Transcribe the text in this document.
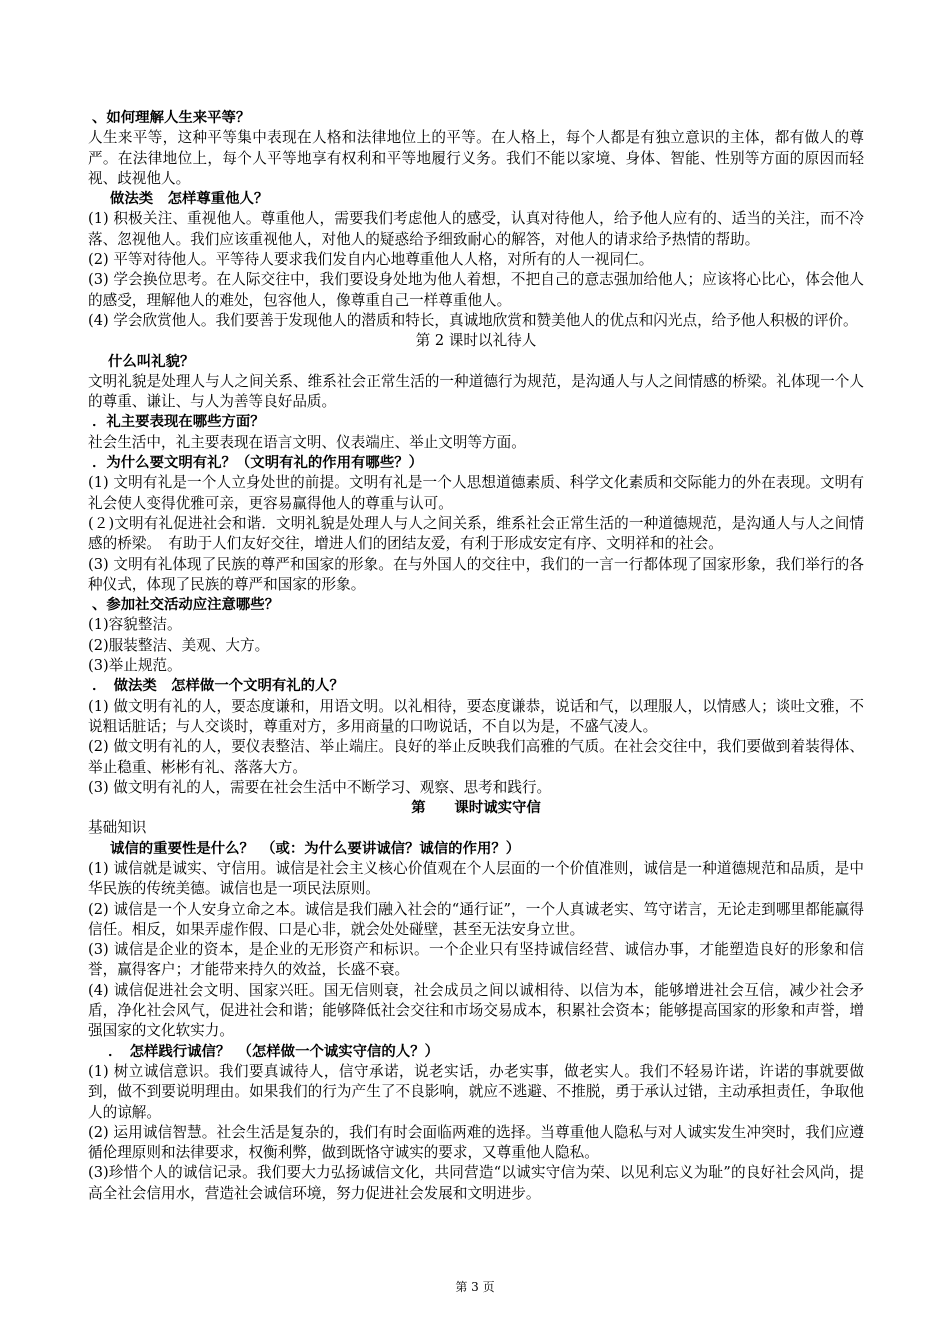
、如何理解人生来平等？

人生来平等，这种平等集中表现在人格和法律地位上的平等。在人格上，每个人都是有独立意识的主体，都有做人的尊严。在法律地位上，每个人平等地享有权利和平等地履行义务。我们不能以家境、身体、智能、性别等方面的原因而轻视、歧视他人。

做法类　怎样尊重他人？

(1) 积极关注、重视他人。尊重他人，需要我们考虑他人的感受，认真对待他人，给予他人应有的、适当的关注，而不冷落、忽视他人。我们应该重视他人，对他人的疑惑给予细致耐心的解答，对他人的请求给予热情的帮助。

(2) 平等对待他人。平等待人要求我们发自内心地尊重他人人格，对所有的人一视同仁。

(3) 学会换位思考。在人际交往中，我们要设身处地为他人着想，不把自己的意志强加给他人；应该将心比心，体会他人的感受，理解他人的难处，包容他人，像尊重自己一样尊重他人。

(4) 学会欣赏他人。我们要善于发现他人的潜质和特长，真诚地欣赏和赞美他人的优点和闪光点，给予他人积极的评价。

第 2 课时以礼待人

什么叫礼貌？

文明礼貌是处理人与人之间关系、维系社会正常生活的一种道德行为规范，是沟通人与人之间情感的桥梁。礼体现一个人的尊重、谦让、与人为善等良好品质。

．礼主要表现在哪些方面？

社会生活中，礼主要表现在语言文明、仪表端庄、举止文明等方面。

．为什么要文明有礼？（文明有礼的作用有哪些？）

(1) 文明有礼是一个人立身处世的前提。文明有礼是一个人思想道德素质、科学文化素质和交际能力的外在表现。文明有礼会使人变得优雅可亲，更容易赢得他人的尊重与认可。

(２)文明有礼促进社会和谐．文明礼貌是处理人与人之间关系，维系社会正常生活的一种道德规范，是沟通人与人之间情感的桥梁。　有助于人们友好交往，增进人们的团结友爱，有利于形成安定有序、文明祥和的社会。

(3) 文明有礼体现了民族的尊严和国家的形象。在与外国人的交往中，我们的一言一行都体现了国家形象，我们举行的各种仪式，体现了民族的尊严和国家的形象。

、参加社交活动应注意哪些？

(1)容貌整洁。

(2)服装整洁、美观、大方。

(3)举止规范。

．　做法类　怎样做一个文明有礼的人？

(1) 做文明有礼的人，要态度谦和，用语文明。以礼相待，要态度谦恭，说话和气，以理服人，以情感人；谈吐文雅，不说粗话脏话；与人交谈时，尊重对方，多用商量的口吻说话，不自以为是，不盛气凌人。

(2) 做文明有礼的人，要仪表整洁、举止端庄。良好的举止反映我们高雅的气质。在社会交往中，我们要做到着装得体、举止稳重、彬彬有礼、落落大方。

(3) 做文明有礼的人，需要在社会生活中不断学习、观察、思考和践行。

第　　课时诚实守信

基础知识

诚信的重要性是什么？　（或：为什么要讲诚信？诚信的作用？）

(1) 诚信就是诚实、守信用。诚信是社会主义核心价值观在个人层面的一个价值准则，诚信是一种道德规范和品质，是中华民族的传统美德。诚信也是一项民法原则。

(2) 诚信是一个人安身立命之本。诚信是我们融入社会的“通行证”，一个人真诚老实、笃守诺言，无论走到哪里都能赢得信任。相反，如果弄虚作假、口是心非，就会处处碰壁，甚至无法安身立世。

(3) 诚信是企业的资本，是企业的无形资产和标识。一个企业只有坚持诚信经营、诚信办事，才能塑造良好的形象和信誉，赢得客户；才能带来持久的效益，长盛不衰。

(4) 诚信促进社会文明、国家兴旺。国无信则衰，社会成员之间以诚相待、以信为本，能够增进社会互信，减少社会矛盾，净化社会风气，促进社会和谐；能够降低社会交往和市场交易成本，积累社会资本；能够提高国家的形象和声誉，增强国家的文化软实力。

．　怎样践行诚信？　（怎样做一个诚实守信的人？）

(1) 树立诚信意识。我们要真诚待人，信守承诺，说老实话，办老实事，做老实人。我们不轻易许诺，许诺的事就要做到，做不到要说明理由。如果我们的行为产生了不良影响，就应不逃避、不推脱，勇于承认过错，主动承担责任，争取他人的谅解。

(2) 运用诚信智慧。社会生活是复杂的，我们有时会面临两难的选择。当尊重他人隐私与对人诚实发生冲突时，我们应遵循伦理原则和法律要求，权衡利弊，做到既恪守诚实的要求，又尊重他人隐私。

(3)珍惜个人的诚信记录。我们要大力弘扬诚信文化，共同营造“以诚实守信为荣、以见利忘义为耻”的良好社会风尚，提高全社会信用水，营造社会诚信环境，努力促进社会发展和文明进步。

第 3 页
